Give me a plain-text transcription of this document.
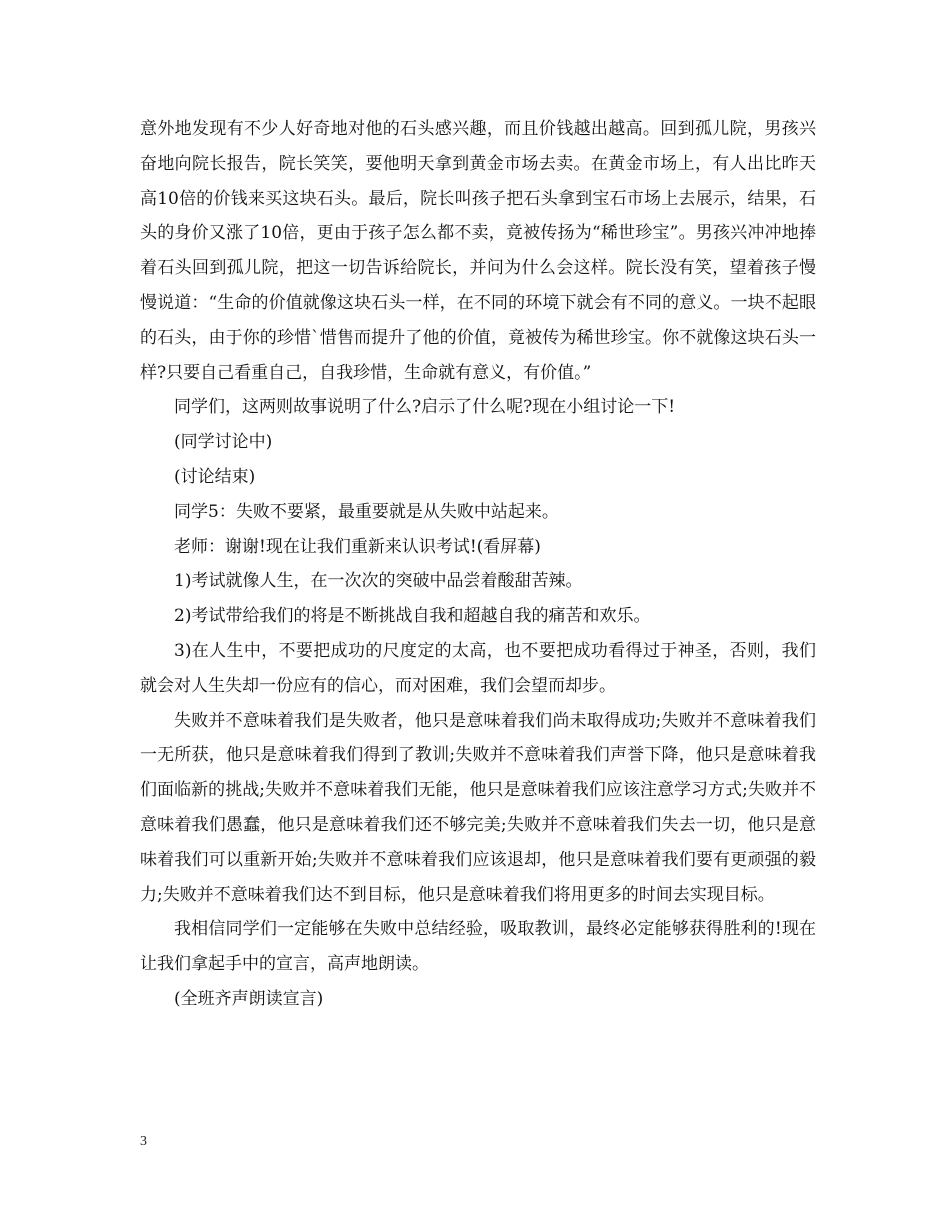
意外地发现有不少人好奇地对他的石头感兴趣，而且价钱越出越高。回到孤儿院，男孩兴奋地向院长报告，院长笑笑，要他明天拿到黄金市场去卖。在黄金市场上，有人出比昨天高10倍的价钱来买这块石头。最后，院长叫孩子把石头拿到宝石市场上去展示，结果，石头的身价又涨了10倍，更由于孩子怎么都不卖，竟被传扬为“稀世珍宝”。男孩兴冲冲地捧着石头回到孤儿院，把这一切告诉给院长，并问为什么会这样。院长没有笑，望着孩子慢慢说道：“生命的价值就像这块石头一样，在不同的环境下就会有不同的意义。一块不起眼的石头，由于你的珍惜`惜售而提升了他的价值，竟被传为稀世珍宝。你不就像这块石头一样?只要自己看重自己，自我珍惜，生命就有意义，有价值。”

同学们，这两则故事说明了什么?启示了什么呢?现在小组讨论一下!

(同学讨论中)

(讨论结束)

同学5：失败不要紧，最重要就是从失败中站起来。

老师：谢谢!现在让我们重新来认识考试!(看屏幕)

1)考试就像人生，在一次次的突破中品尝着酸甜苦辣。

2)考试带给我们的将是不断挑战自我和超越自我的痛苦和欢乐。

3)在人生中，不要把成功的尺度定的太高，也不要把成功看得过于神圣，否则，我们就会对人生失却一份应有的信心，而对困难，我们会望而却步。

失败并不意味着我们是失败者，他只是意味着我们尚未取得成功;失败并不意味着我们一无所获，他只是意味着我们得到了教训;失败并不意味着我们声誉下降，他只是意味着我们面临新的挑战;失败并不意味着我们无能，他只是意味着我们应该注意学习方式;失败并不意味着我们愚蠢，他只是意味着我们还不够完美;失败并不意味着我们失去一切，他只是意味着我们可以重新开始;失败并不意味着我们应该退却，他只是意味着我们要有更顽强的毅力;失败并不意味着我们达不到目标，他只是意味着我们将用更多的时间去实现目标。

我相信同学们一定能够在失败中总结经验，吸取教训，最终必定能够获得胜利的!现在让我们拿起手中的宣言，高声地朗读。

(全班齐声朗读宣言)

3
